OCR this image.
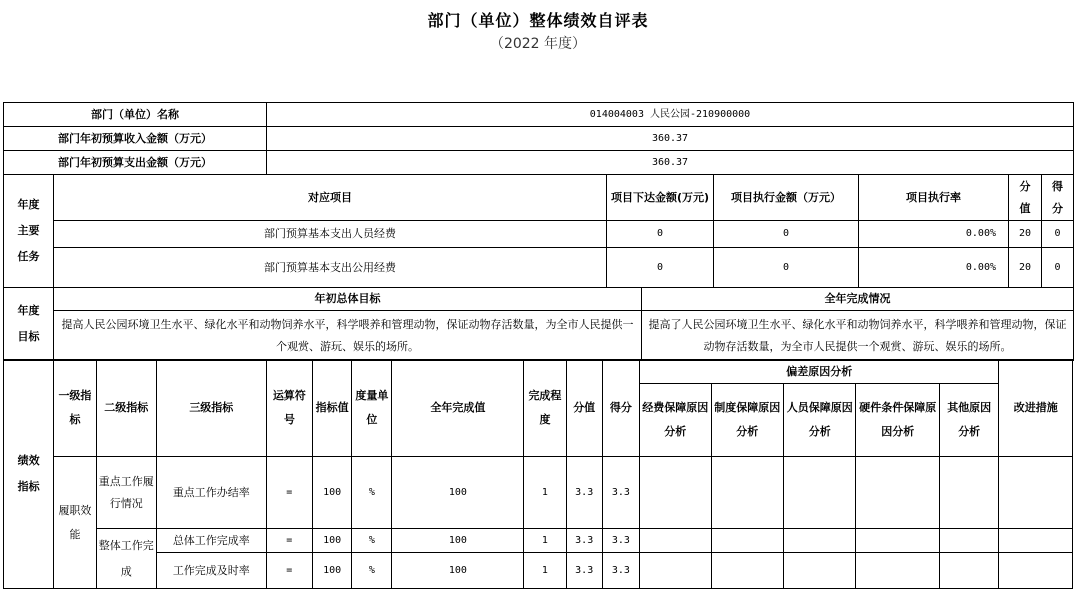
部门（单位）整体绩效自评表
（2022 年度）
部门（单位）名称	014004003 人民公园-210900000
部门年初预算收入金额（万元）	360.37
部门年初预算支出金额（万元）	360.37
年度主要任务	对应项目	项目下达金额(万元)	项目执行金额（万元）	项目执行率	分值	得分
	部门预算基本支出人员经费	0	0	0.00%	20	0
	部门预算基本支出公用经费	0	0	0.00%	20	0
年度目标	年初总体目标	全年完成情况
	提高人民公园环境卫生水平、绿化水平和动物饲养水平，科学喂养和管理动物，保证动物存活数量，为全市人民提供一个观赏、游玩、娱乐的场所。	提高了人民公园环境卫生水平、绿化水平和动物饲养水平，科学喂养和管理动物，保证动物存活数量，为全市人民提供一个观赏、游玩、娱乐的场所。
绩效指标	一级指标	二级指标	三级指标	运算符号	指标值	度量单位	全年完成值	完成程度	分值	得分	偏差原因分析					改进措施
											经费保障原因分析	制度保障原因分析	人员保障原因分析	硬件条件保障原因分析	其他原因分析	
	履职效能	重点工作履行情况	重点工作办结率	=	100	%	100	1	3.3	3.3						
		整体工作完成	总体工作完成率	=	100	%	100	1	3.3	3.3						
			工作完成及时率	=	100	%	100	1	3.3	3.3						
